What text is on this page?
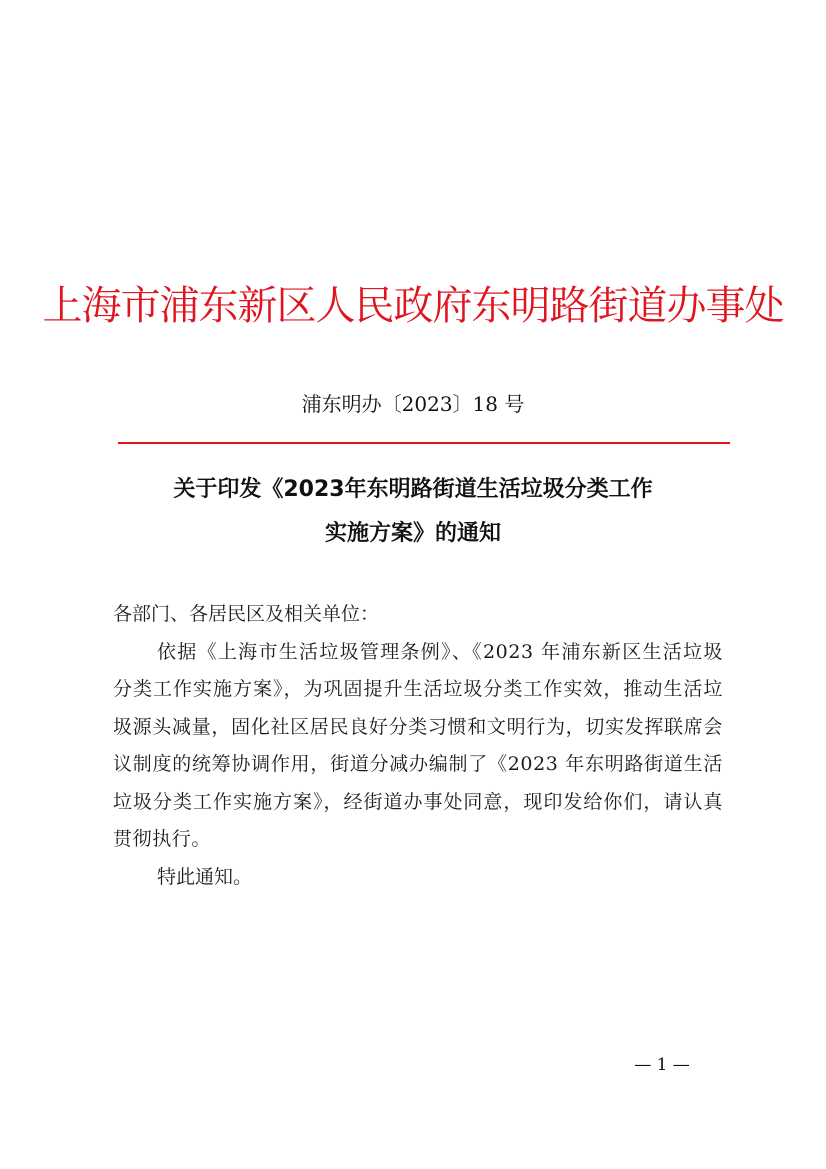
上海市浦东新区人民政府东明路街道办事处
浦东明办〔2023〕18 号
关于印发《2023年东明路街道生活垃圾分类工作
实施方案》的通知

各部门、各居民区及相关单位：

依据《上海市生活垃圾管理条例》、《2023 年浦东新区生活垃圾分类工作实施方案》，为巩固提升生活垃圾分类工作实效，推动生活垃圾源头减量，固化社区居民良好分类习惯和文明行为，切实发挥联席会议制度的统筹协调作用，街道分减办编制了《2023 年东明路街道生活垃圾分类工作实施方案》，经街道办事处同意，现印发给你们，请认真贯彻执行。

特此通知。

— 1 —
